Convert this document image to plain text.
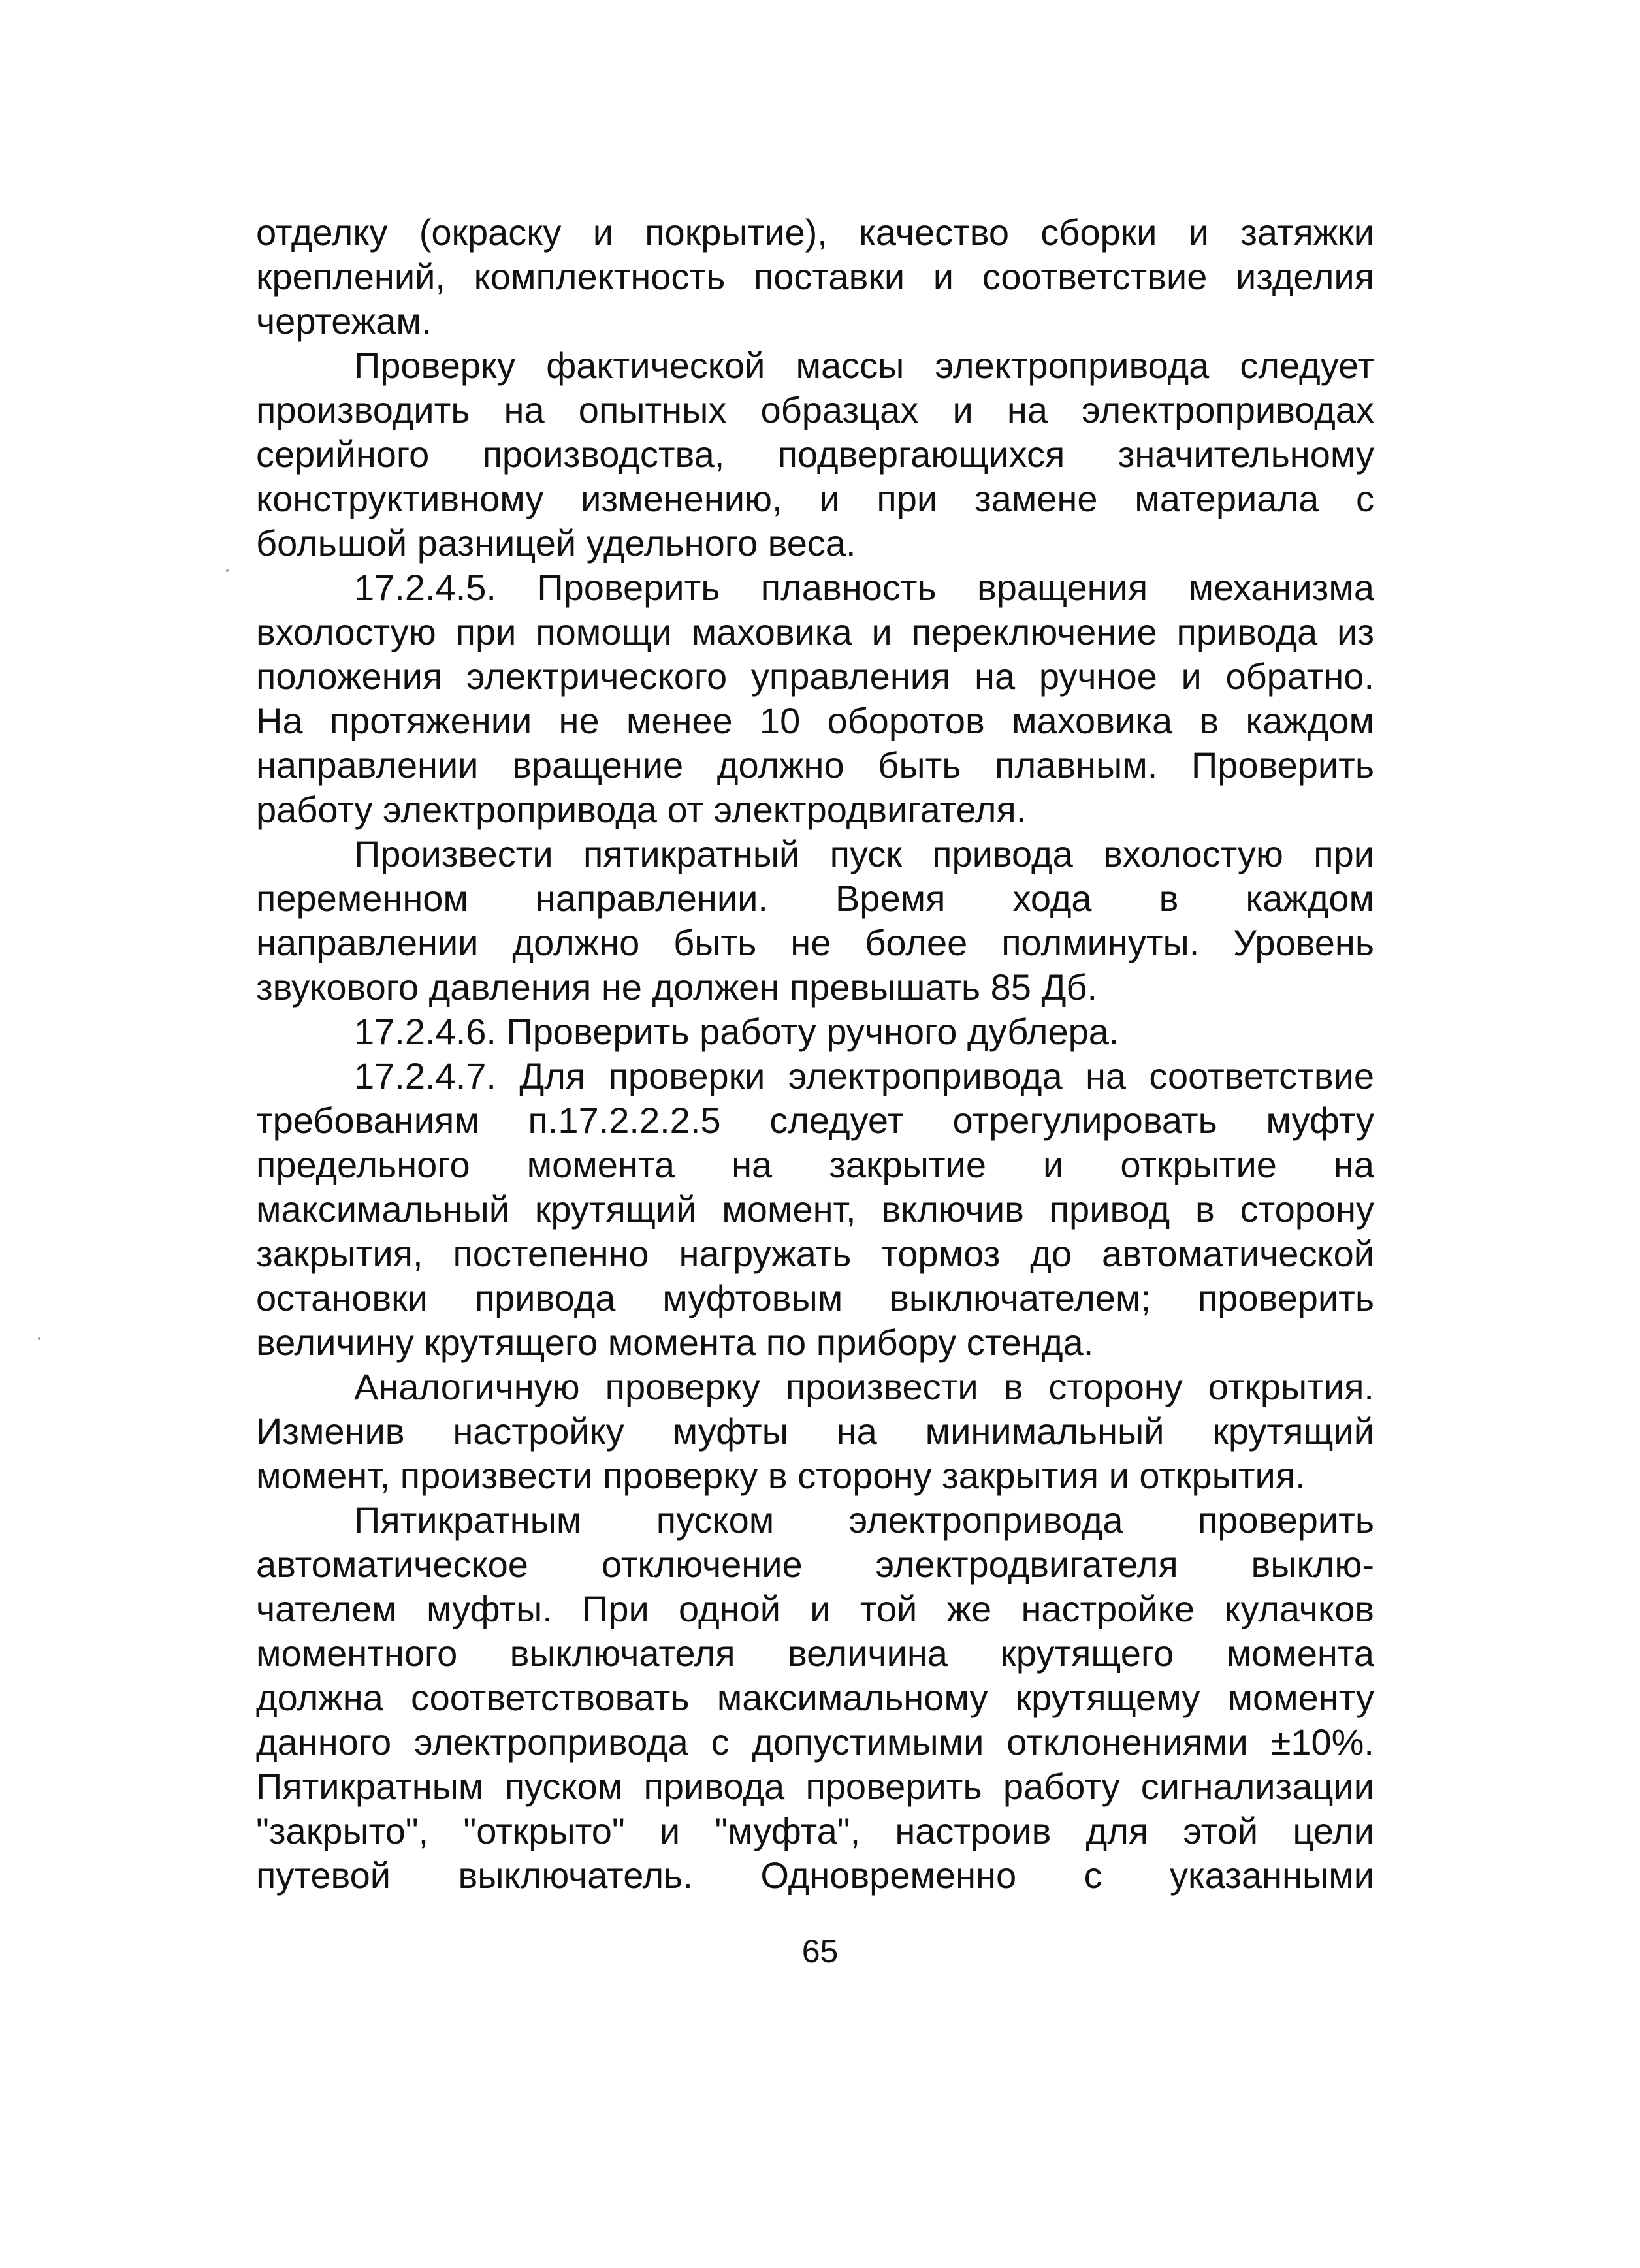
отделку (окраску и покрытие), качество сборки и затяжки
креплений, комплектность поставки и соответствие изделия
чертежам.
Проверку фактической массы электропривода следует
производить на опытных образцах и на электроприводах
серийного производства, подвергающихся значительному
конструктивному изменению, и при замене материала с
большой разницей удельного веса.
17.2.4.5. Проверить плавность вращения механизма
вхолостую при помощи маховика и переключение привода из
положения электрического управления на ручное и обратно.
На протяжении не менее 10 оборотов маховика в каждом
направлении вращение должно быть плавным. Проверить
работу электропривода от электродвигателя.
Произвести пятикратный пуск привода вхолостую при
переменном направлении. Время хода в каждом
направлении должно быть не более полминуты. Уровень
звукового давления не должен превышать 85 Дб.
17.2.4.6. Проверить работу ручного дублера.
17.2.4.7. Для проверки электропривода на соответствие
требованиям п.17.2.2.2.5 следует отрегулировать муфту
предельного момента на закрытие и открытие на
максимальный крутящий момент, включив привод в сторону
закрытия, постепенно нагружать тормоз до автоматической
остановки привода муфтовым выключателем; проверить
величину крутящего момента по прибору стенда.
Аналогичную проверку произвести в сторону открытия.
Изменив настройку муфты на минимальный крутящий
момент, произвести проверку в сторону закрытия и открытия.
Пятикратным пуском электропривода проверить
автоматическое отключение электродвигателя выклю-
чателем муфты. При одной и той же настройке кулачков
моментного выключателя величина крутящего момента
должна соответствовать максимальному крутящему моменту
данного электропривода с допустимыми отклонениями ±10%.
Пятикратным пуском привода проверить работу сигнализации
"закрыто", "открыто" и "муфта", настроив для этой цели
путевой выключатель. Одновременно с указанными
65
